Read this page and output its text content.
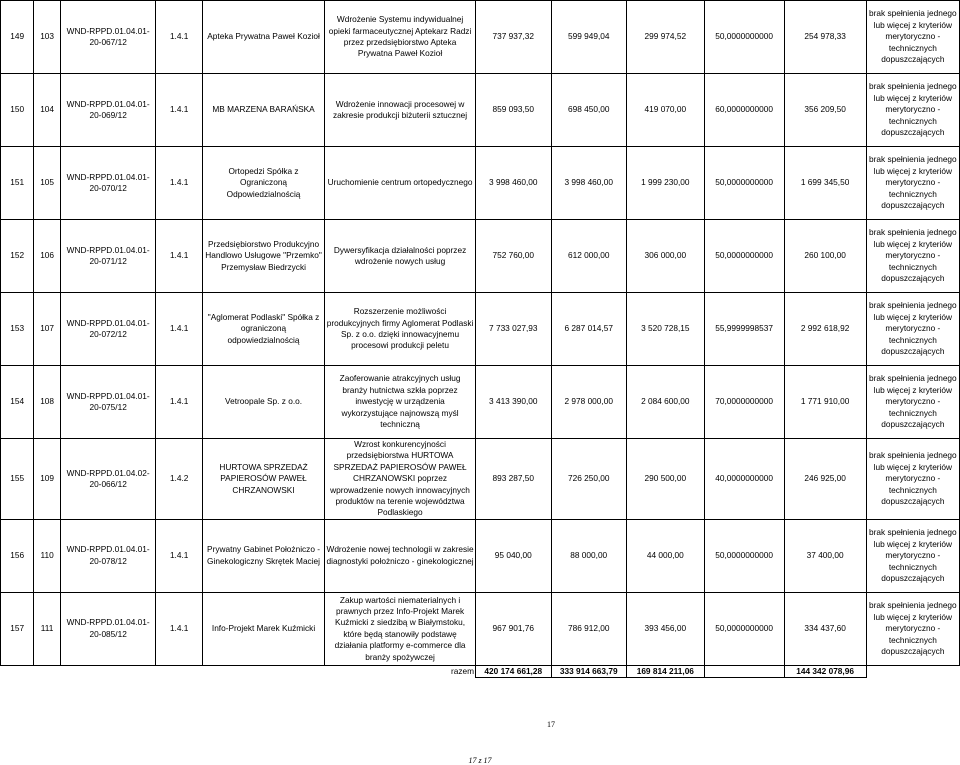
149	103	WND-RPPD.01.04.01-20-067/12	1.4.1	Apteka Prywatna Paweł Kozioł	Wdrożenie Systemu indywidualnej opieki farmaceutycznej Aptekarz Radzi przez przedsiębiorstwo Apteka Prywatna Paweł Kozioł	737 937,32	599 949,04	299 974,52	50,0000000000	254 978,33	brak spełnienia jednego lub więcej z kryteriów merytoryczno - technicznych dopuszczających
150	104	WND-RPPD.01.04.01-20-069/12	1.4.1	MB MARZENA BARAŃSKA	Wdrożenie innowacji procesowej w zakresie produkcji biżuterii sztucznej	859 093,50	698 450,00	419 070,00	60,0000000000	356 209,50	brak spełnienia jednego lub więcej z kryteriów merytoryczno - technicznych dopuszczających
151	105	WND-RPPD.01.04.01-20-070/12	1.4.1	Ortopedzi Spółka z Ograniczoną Odpowiedzialnością	Uruchomienie centrum ortopedycznego	3 998 460,00	3 998 460,00	1 999 230,00	50,0000000000	1 699 345,50	brak spełnienia jednego lub więcej z kryteriów merytoryczno - technicznych dopuszczających
152	106	WND-RPPD.01.04.01-20-071/12	1.4.1	Przedsiębiorstwo Produkcyjno Handlowo Usługowe "Przemko" Przemysław Biedrzycki	Dywersyfikacja działalności poprzez wdrożenie nowych usług	752 760,00	612 000,00	306 000,00	50,0000000000	260 100,00	brak spełnienia jednego lub więcej z kryteriów merytoryczno - technicznych dopuszczających
153	107	WND-RPPD.01.04.01-20-072/12	1.4.1	"Aglomerat Podlaski" Spółka z ograniczoną odpowiedzialnością	Rozszerzenie możliwości produkcyjnych firmy Aglomerat Podlaski Sp. z o.o. dzięki innowacyjnemu procesowi produkcji peletu	7 733 027,93	6 287 014,57	3 520 728,15	55,9999998537	2 992 618,92	brak spełnienia jednego lub więcej z kryteriów merytoryczno - technicznych dopuszczających
154	108	WND-RPPD.01.04.01-20-075/12	1.4.1	Vetroopale Sp. z o.o.	Zaoferowanie atrakcyjnych usług branży hutnictwa szkła poprzez inwestycję w urządzenia wykorzystujące najnowszą myśl techniczną	3 413 390,00	2 978 000,00	2 084 600,00	70,0000000000	1 771 910,00	brak spełnienia jednego lub więcej z kryteriów merytoryczno - technicznych dopuszczających
155	109	WND-RPPD.01.04.02-20-066/12	1.4.2	HURTOWA SPRZEDAŻ PAPIEROSÓW PAWEŁ CHRZANOWSKI	Wzrost konkurencyjności przedsiębiorstwa HURTOWA SPRZEDAŻ PAPIEROSÓW PAWEŁ CHRZANOWSKI poprzez wprowadzenie nowych innowacyjnych produktów na terenie województwa Podlaskiego	893 287,50	726 250,00	290 500,00	40,0000000000	246 925,00	brak spełnienia jednego lub więcej z kryteriów merytoryczno - technicznych dopuszczających
156	110	WND-RPPD.01.04.01-20-078/12	1.4.1	Prywatny Gabinet Położniczo - Ginekologiczny Skrętek Maciej	Wdrożenie nowej technologii w zakresie diagnostyki położniczo - ginekologicznej	95 040,00	88 000,00	44 000,00	50,0000000000	37 400,00	brak spełnienia jednego lub więcej z kryteriów merytoryczno - technicznych dopuszczających
157	111	WND-RPPD.01.04.01-20-085/12	1.4.1	Info-Projekt Marek Kuźmicki	Zakup wartości niematerialnych i prawnych przez Info-Projekt Marek Kuźmicki z siedzibą w Białymstoku, które będą stanowiły podstawę działania platformy e-commerce dla branży spożywczej	967 901,76	786 912,00	393 456,00	50,0000000000	334 437,60	brak spełnienia jednego lub więcej z kryteriów merytoryczno - technicznych dopuszczających
					razem	420 174 661,28	333 914 663,79	169 814 211,06		144 342 078,96	
17
17 z 17
